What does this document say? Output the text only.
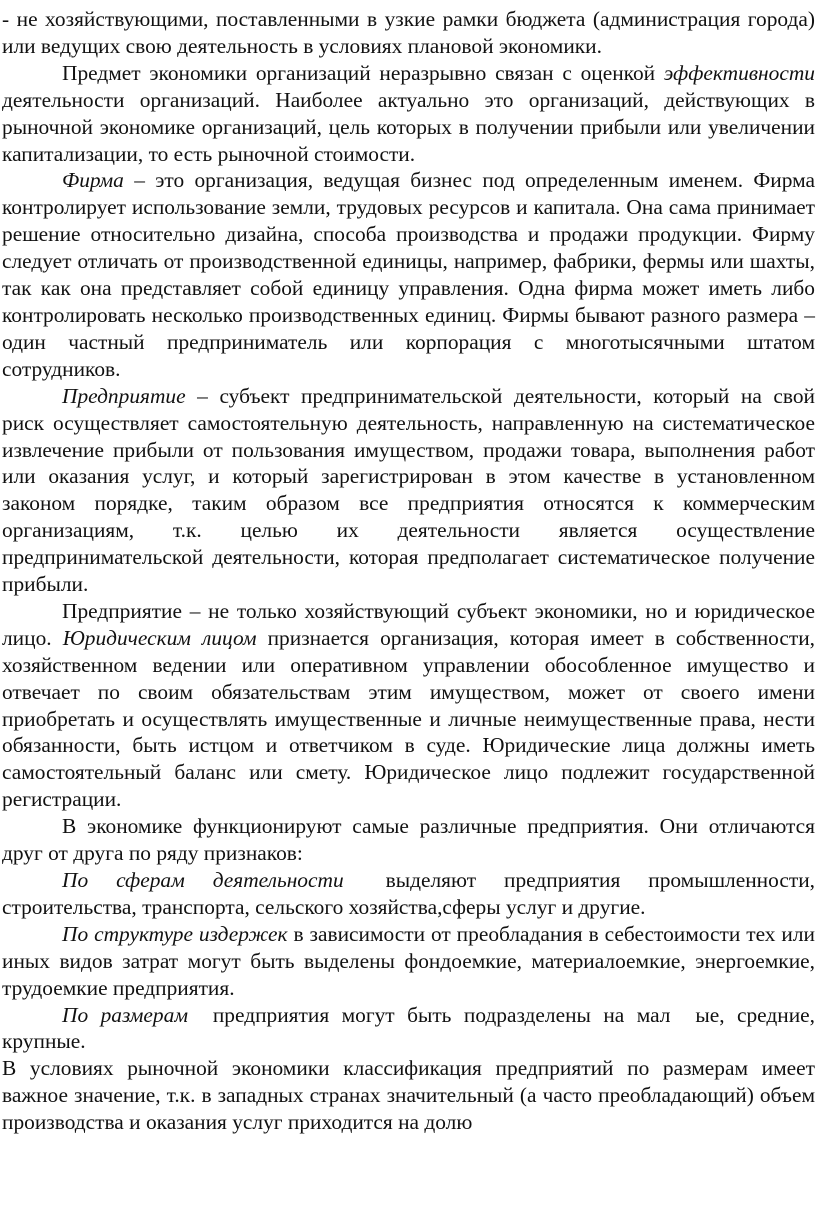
- не хозяйствующими, поставленными в узкие рамки бюджета (администрация города) или ведущих свою деятельность в условиях плановой экономики.

Предмет экономики организаций неразрывно связан с оценкой эффективности деятельности организаций. Наиболее актуально это организаций, действующих в рыночной экономике организаций, цель которых в получении прибыли или увеличении капитализации, то есть рыночной стоимости.

Фирма – это организация, ведущая бизнес под определенным именем. Фирма контролирует использование земли, трудовых ресурсов и капитала. Она сама принимает решение относительно дизайна, способа производства и продажи продукции. Фирму следует отличать от производственной единицы, например, фабрики, фермы или шахты, так как она представляет собой единицу управления. Одна фирма может иметь либо контролировать несколько производственных единиц. Фирмы бывают разного размера – один частный предприниматель или корпорация с многотысячными штатом сотрудников.

Предприятие – субъект предпринимательской деятельности, который на свой риск осуществляет самостоятельную деятельность, направленную на систематическое извлечение прибыли от пользования имуществом, продажи товара, выполнения работ или оказания услуг, и который зарегистрирован в этом качестве в установленном законом порядке, таким образом все предприятия относятся к коммерческим организациям, т.к. целью их деятельности является осуществление предпринимательской деятельности, которая предполагает систематическое получение прибыли.

Предприятие – не только хозяйствующий субъект экономики, но и юридическое лицо. Юридическим лицом признается организация, которая имеет в собственности, хозяйственном ведении или оперативном управлении обособленное имущество и отвечает по своим обязательствам этим имуществом, может от своего имени приобретать и осуществлять имущественные и личные неимущественные права, нести обязанности, быть истцом и ответчиком в суде. Юридические лица должны иметь самостоятельный баланс или смету. Юридическое лицо подлежит государственной регистрации.

В экономике функционируют самые различные предприятия. Они отличаются друг от друга по ряду признаков:

По сферам деятельности выделяют предприятия промышленности, строительства, транспорта, сельского хозяйства,сферы услуг и другие.

По структуре издержек в зависимости от преобладания в себестоимости тех или иных видов затрат могут быть выделены фондоемкие, материалоемкие, энергоемкие, трудоемкие предприятия.

По размерам  предприятия могут быть подразделены на мал  ые, средние, крупные.

В условиях рыночной экономики классификация предприятий по размерам имеет важное значение, т.к. в западных странах значительный (а часто преобладающий) объем производства и оказания услуг приходится на долю
